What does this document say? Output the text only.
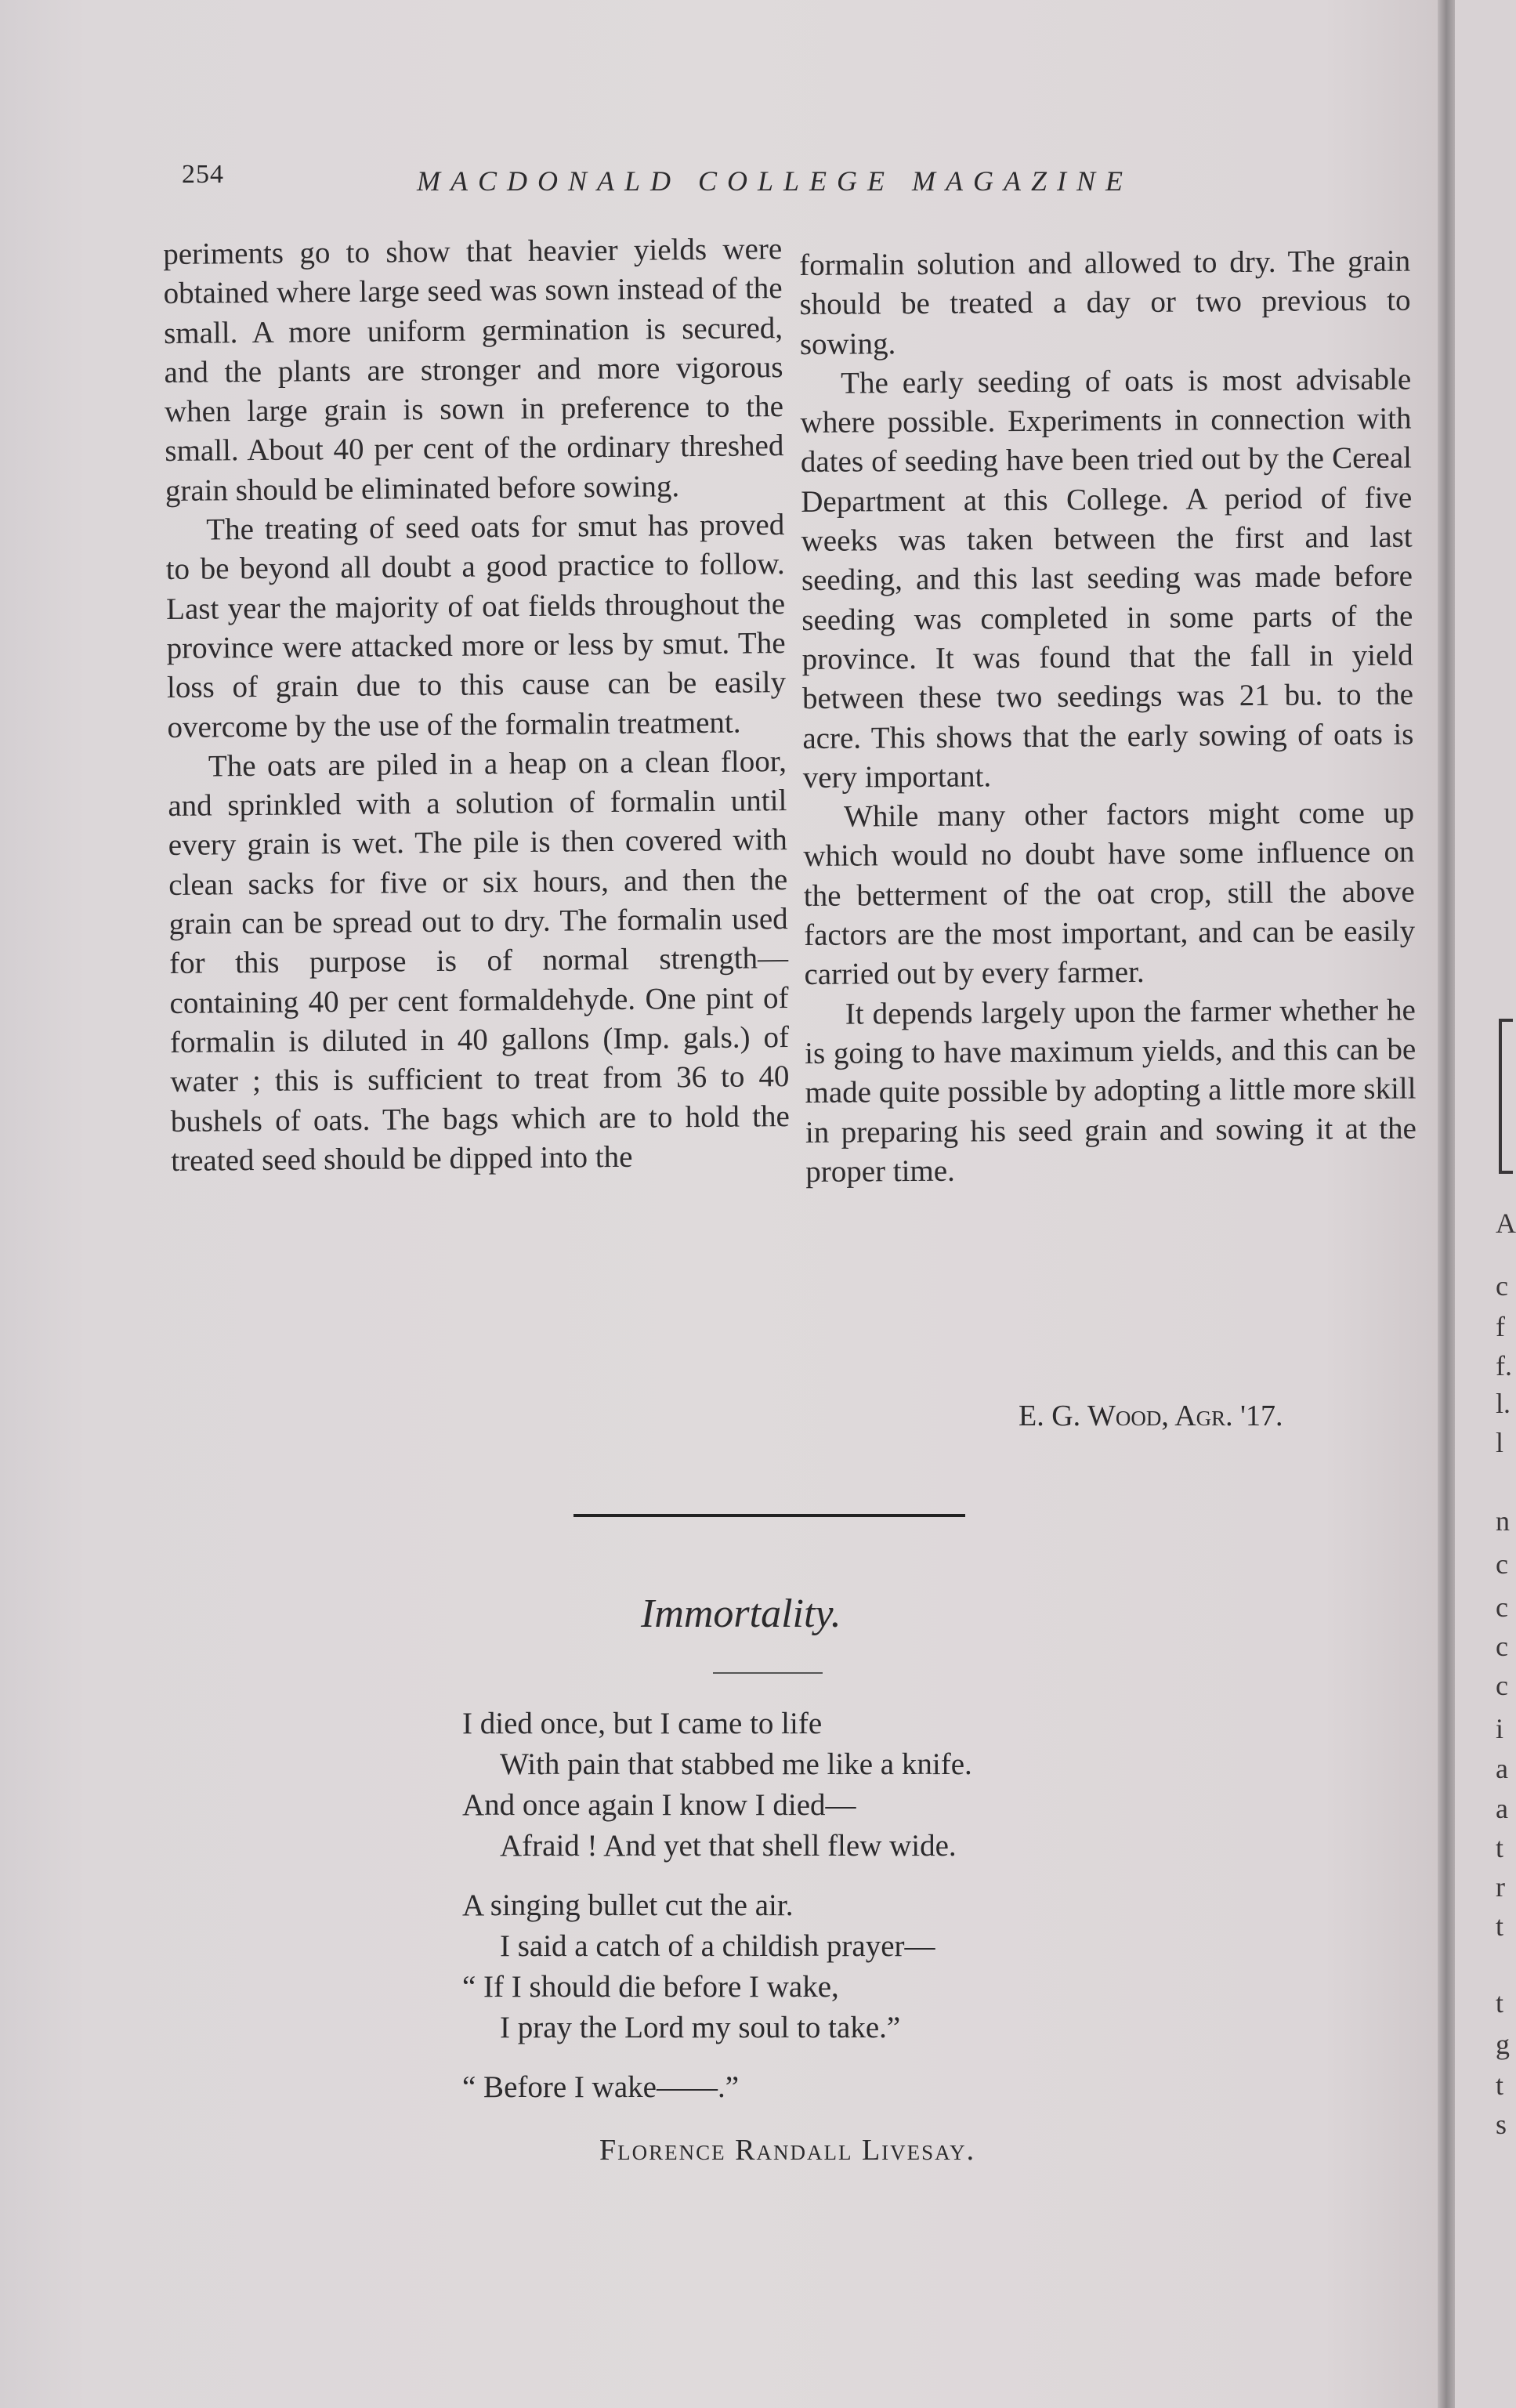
A
c
f
f.
l.
l
n
c
c
c
c
i
a
a
t
r
t
t
g
t
s
254	MACDONALD COLLEGE MAGAZINE

periments go to show that heavier yields were obtained where large seed was sown instead of the small. A more uniform germination is secured, and the plants are stronger and more vigorous when large grain is sown in preference to the small. About 40 per cent of the ordinary threshed grain should be eliminated before sowing.

The treating of seed oats for smut has proved to be beyond all doubt a good practice to follow. Last year the majority of oat fields throughout the province were attacked more or less by smut. The loss of grain due to this cause can be easily overcome by the use of the formalin treatment.

The oats are piled in a heap on a clean floor, and sprinkled with a solution of formalin until every grain is wet. The pile is then covered with clean sacks for five or six hours, and then the grain can be spread out to dry. The formalin used for this purpose is of normal strength— containing 40 per cent formaldehyde. One pint of formalin is diluted in 40 gallons (Imp. gals.) of water ; this is sufficient to treat from 36 to 40 bushels of oats. The bags which are to hold the treated seed should be dipped into the

formalin solution and allowed to dry. The grain should be treated a day or two previous to sowing.

The early seeding of oats is most advisable where possible. Experiments in connection with dates of seeding have been tried out by the Cereal Department at this College. A period of five weeks was taken between the first and last seeding, and this last seeding was made before seeding was completed in some parts of the province. It was found that the fall in yield between these two seedings was 21 bu. to the acre. This shows that the early sowing of oats is very important.

While many other factors might come up which would no doubt have some influence on the betterment of the oat crop, still the above factors are the most important, and can be easily carried out by every farmer.

It depends largely upon the farmer whether he is going to have maximum yields, and this can be made quite possible by adopting a little more skill in preparing his seed grain and sowing it at the proper time.

E. G. Wood, Agr. '17.
Immortality.
I died once, but I came to life
With pain that stabbed me like a knife.
And once again I know I died—
Afraid ! And yet that shell flew wide.
A singing bullet cut the air.
I said a catch of a childish prayer—
“ If I should die before I wake,
I pray the Lord my soul to take.”
“ Before I wake——.”
Florence Randall Livesay.
